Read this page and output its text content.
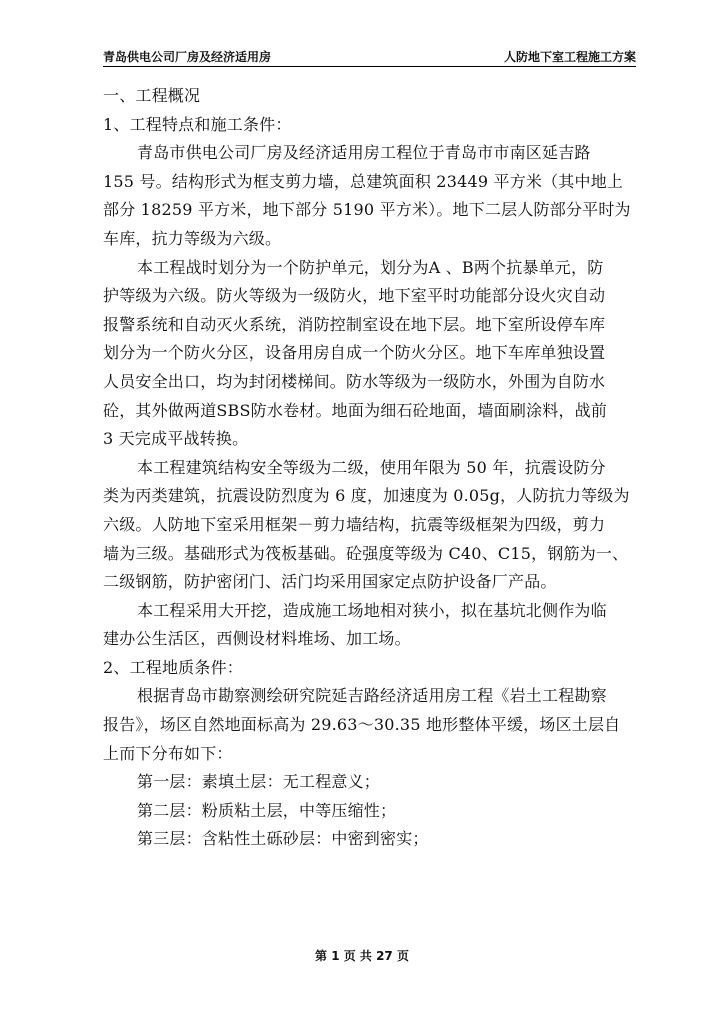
青岛供电公司厂房及经济适用房	人防地下室工程施工方案
一、工程概况
1、工程特点和施工条件：
青岛市供电公司厂房及经济适用房工程位于青岛市市南区延吉路
155 号。结构形式为框支剪力墙，总建筑面积 23449 平方米（其中地上
部分 18259 平方米，地下部分 5190 平方米）。地下二层人防部分平时为
车库，抗力等级为六级。
本工程战时划分为一个防护单元，划分为A 、B两个抗暴单元，防
护等级为六级。防火等级为一级防火，地下室平时功能部分设火灾自动
报警系统和自动灭火系统，消防控制室设在地下层。地下室所设停车库
划分为一个防火分区，设备用房自成一个防火分区。地下车库单独设置
人员安全出口，均为封闭楼梯间。防水等级为一级防水，外围为自防水
砼，其外做两道SBS防水卷材。地面为细石砼地面，墙面刷涂料，战前
3 天完成平战转换。
本工程建筑结构安全等级为二级，使用年限为 50 年，抗震设防分
类为丙类建筑，抗震设防烈度为 6 度，加速度为 0.05g，人防抗力等级为
六级。人防地下室采用框架－剪力墙结构，抗震等级框架为四级，剪力
墙为三级。基础形式为筏板基础。砼强度等级为 C40、C15，钢筋为一、
二级钢筋，防护密闭门、活门均采用国家定点防护设备厂产品。
本工程采用大开挖，造成施工场地相对狭小，拟在基坑北侧作为临
建办公生活区，西侧设材料堆场、加工场。
2、工程地质条件：
根据青岛市勘察测绘研究院延吉路经济适用房工程《岩土工程勘察
报告》，场区自然地面标高为 29.63～30.35 地形整体平缓，场区土层自
上而下分布如下：
第一层：素填土层：无工程意义；
第二层：粉质粘土层，中等压缩性；
第三层：含粘性土砾砂层：中密到密实；
第 1 页 共 27 页
